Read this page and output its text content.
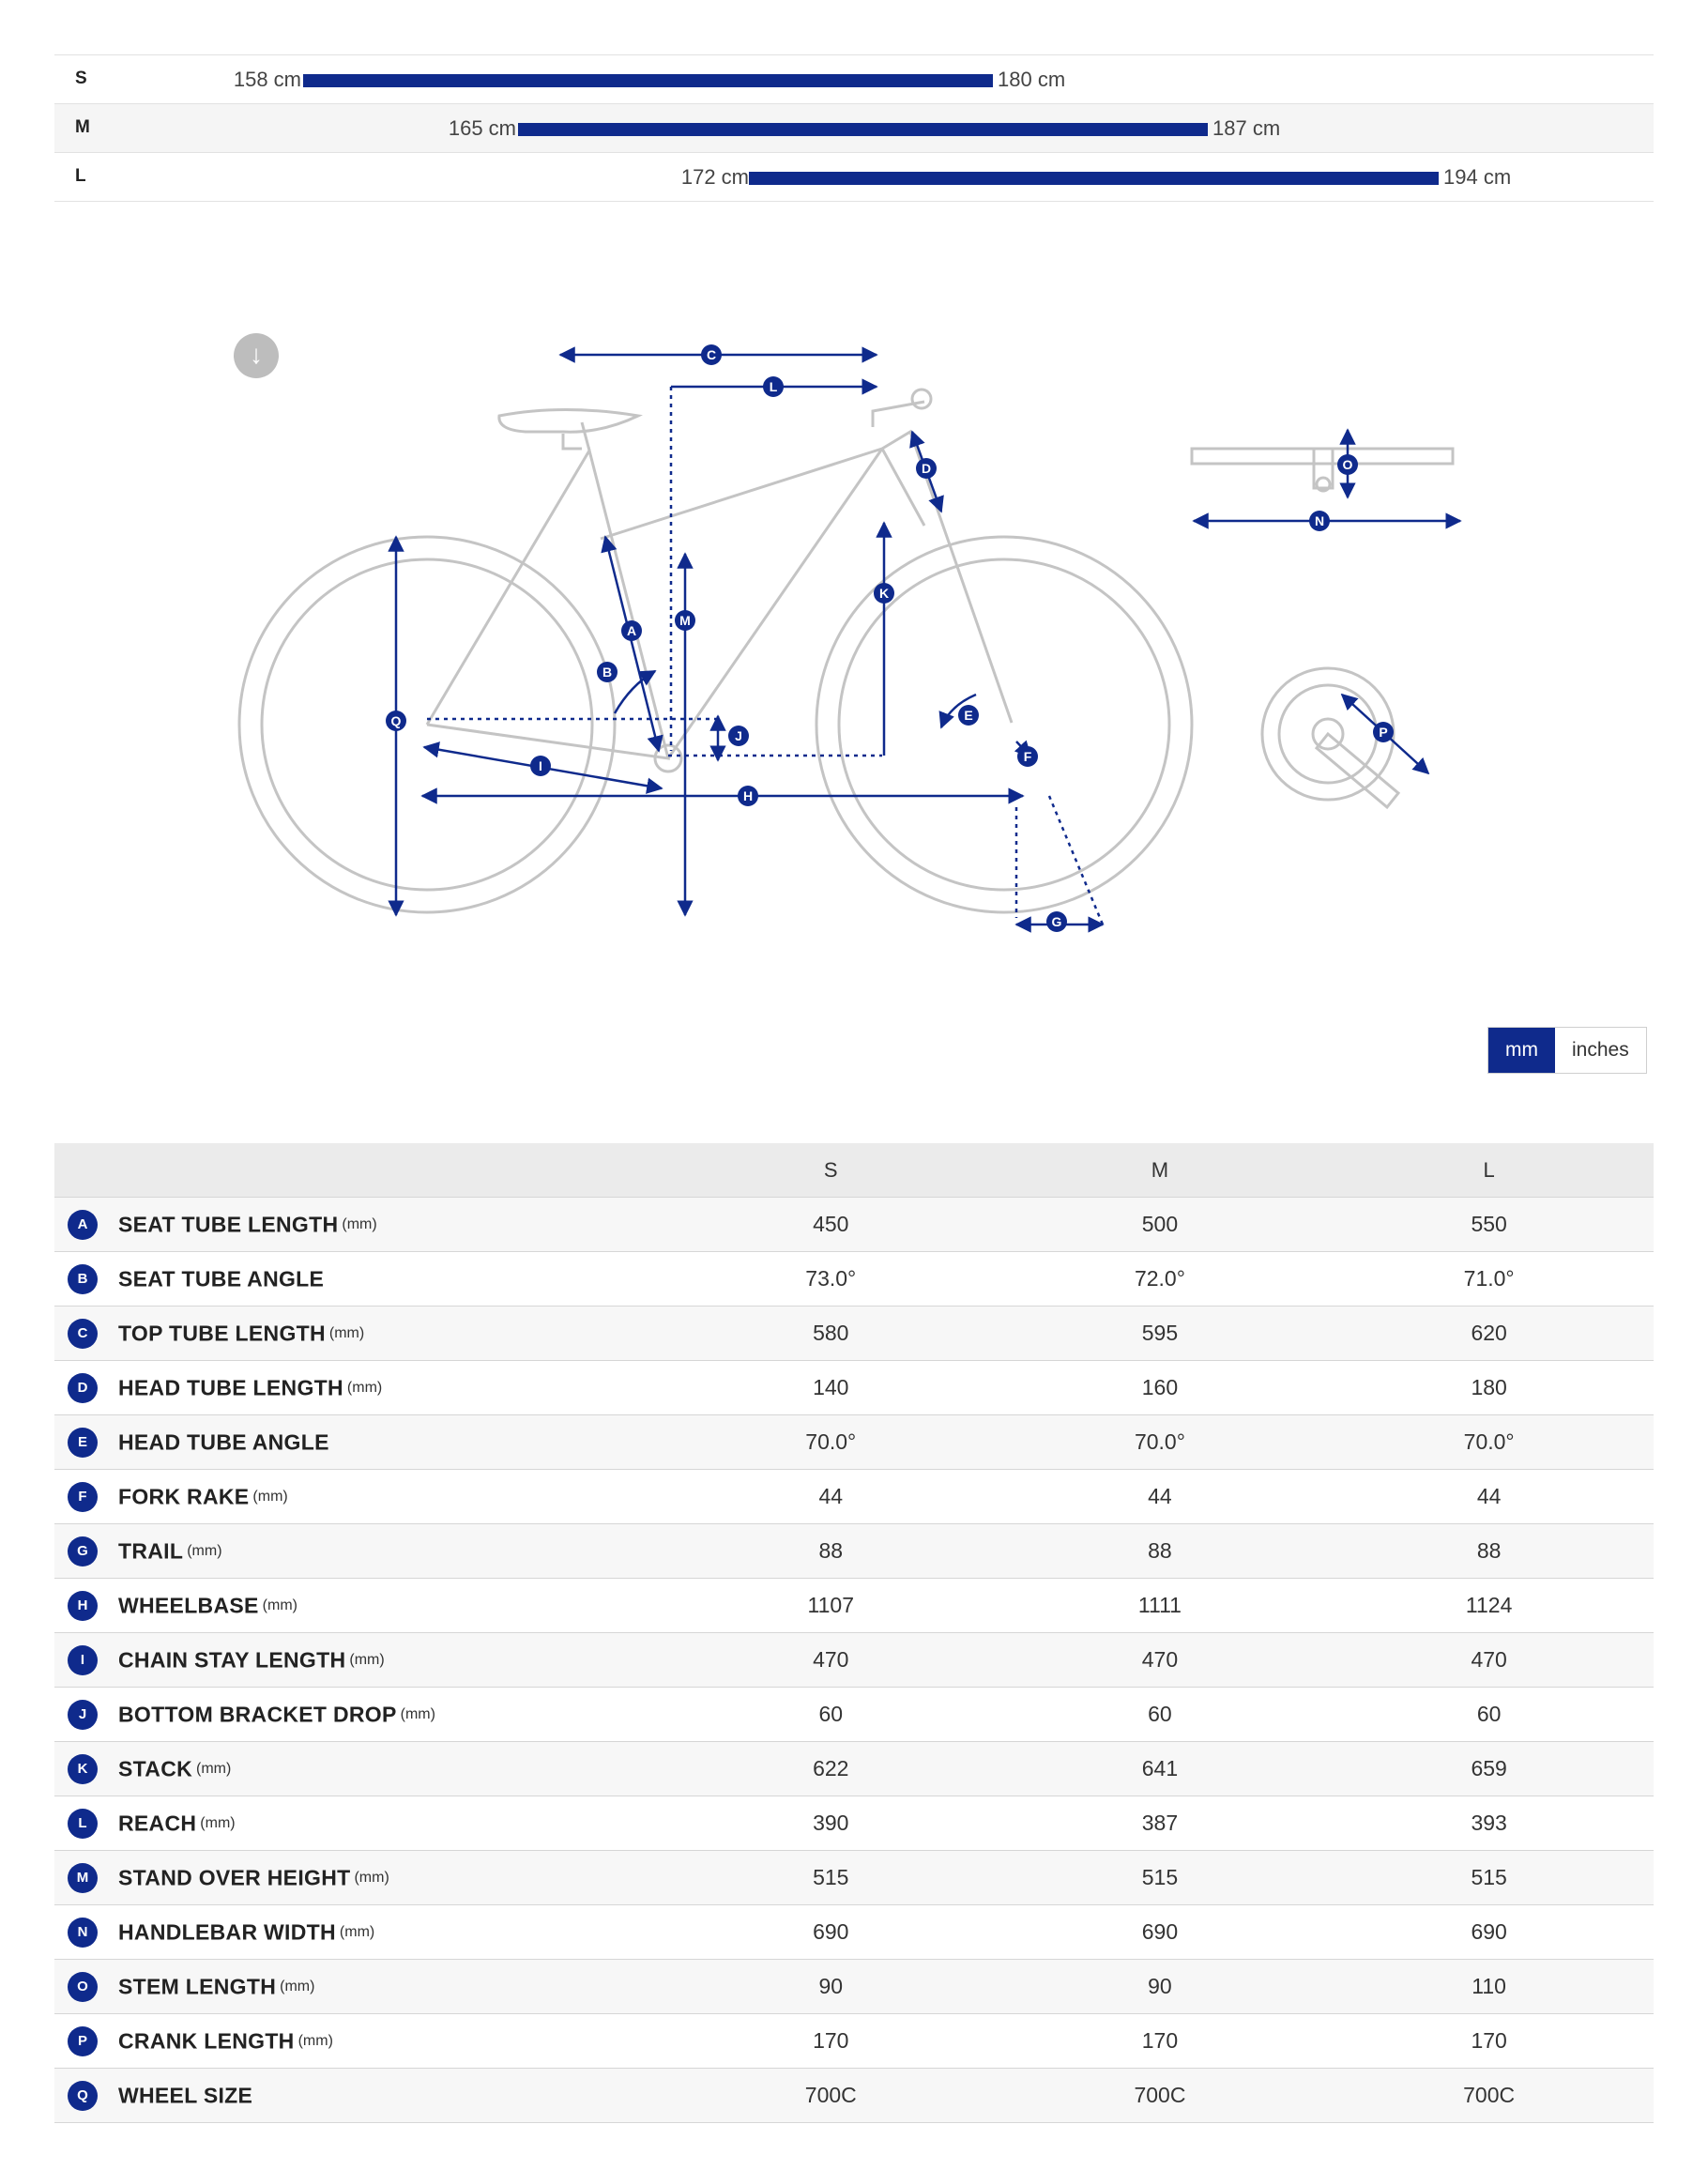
S	158 cm	180 cm
M	165 cm	187 cm
L	172 cm	194 cm
↓	C
L
D
A
B
K
M
J
Q
I
H
E
F
G
O
N
P
mm	inches
	S	M	L
A SEAT TUBE LENGTH (mm)	450	500	550
B SEAT TUBE ANGLE	73.0°	72.0°	71.0°
C TOP TUBE LENGTH (mm)	580	595	620
D HEAD TUBE LENGTH (mm)	140	160	180
E HEAD TUBE ANGLE	70.0°	70.0°	70.0°
F FORK RAKE (mm)	44	44	44
G TRAIL (mm)	88	88	88
H WHEELBASE (mm)	1107	1111	1124
I CHAIN STAY LENGTH (mm)	470	470	470
J BOTTOM BRACKET DROP (mm)	60	60	60
K STACK (mm)	622	641	659
L REACH (mm)	390	387	393
M STAND OVER HEIGHT (mm)	515	515	515
N HANDLEBAR WIDTH (mm)	690	690	690
O STEM LENGTH (mm)	90	90	110
P CRANK LENGTH (mm)	170	170	170
Q WHEEL SIZE	700C	700C	700C
